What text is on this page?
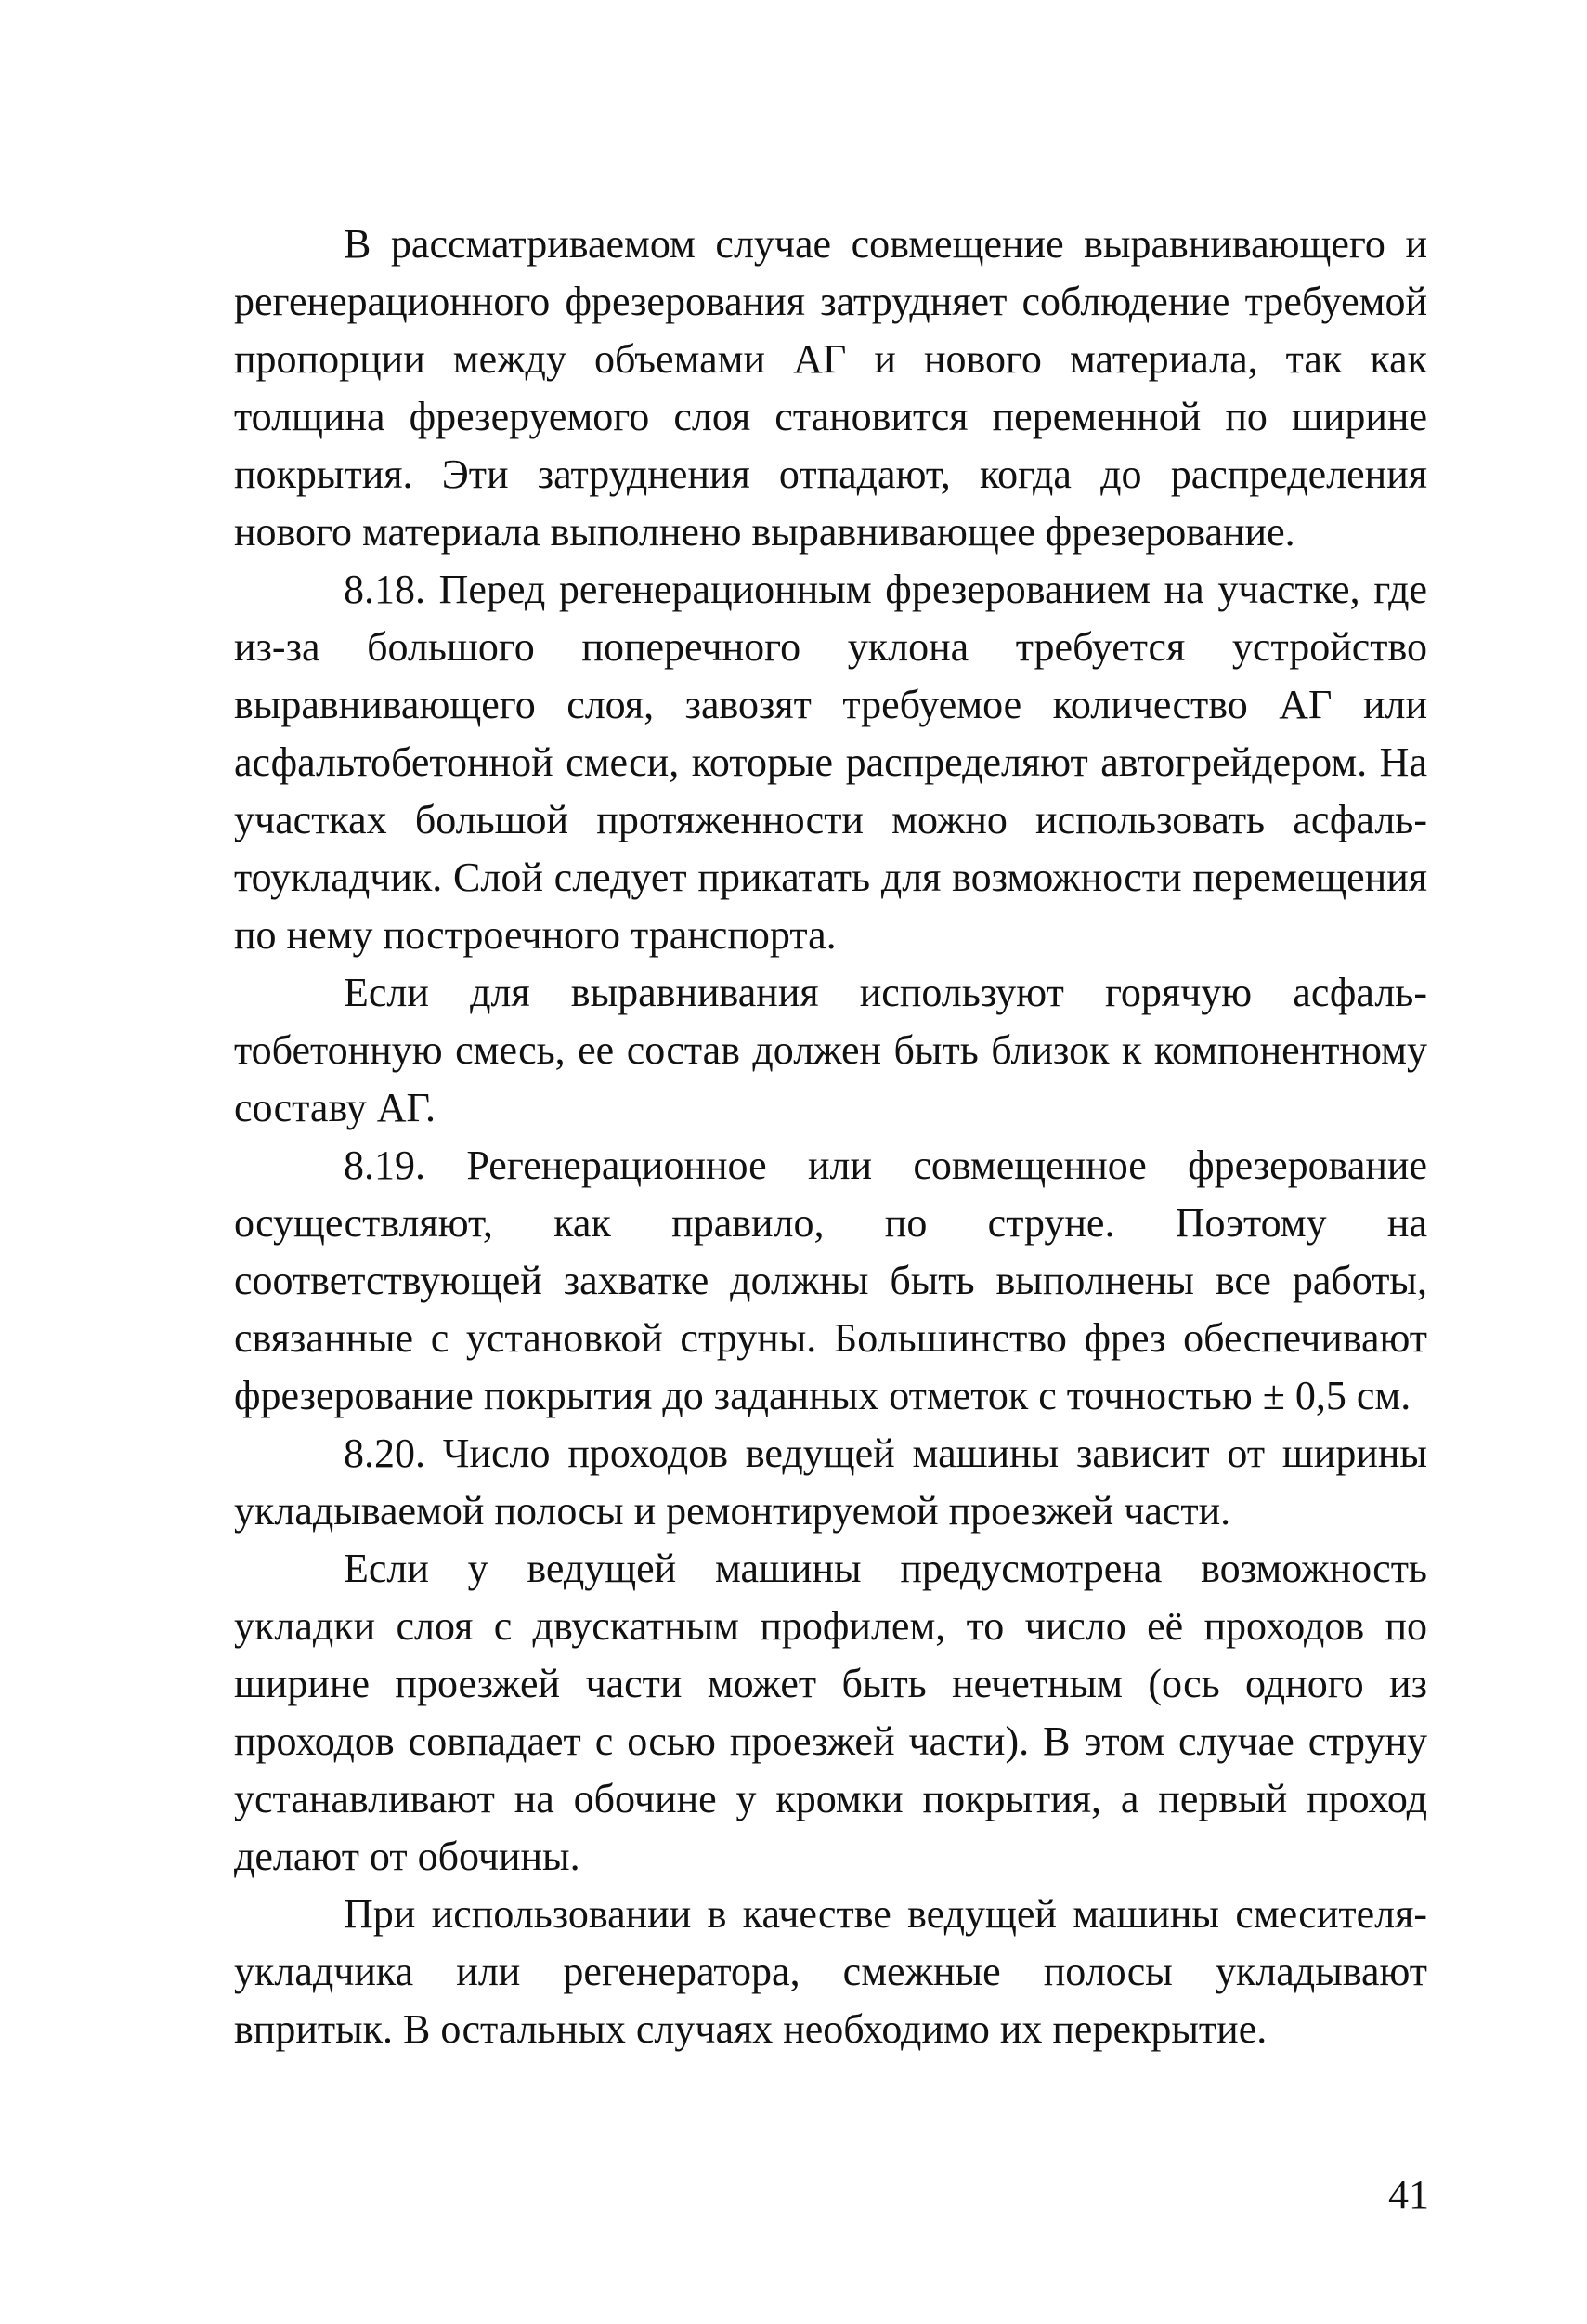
В рассматриваемом случае совмещение выравнивающего и регенерационного фрезерования затрудняет соблюдение требуемой пропорции между объемами АГ и нового материала, так как толщина фрезеруемого слоя становится переменной по ширине покрытия. Эти затруднения отпадают, когда до распределения нового материала выполнено выравнивающее фрезерование.

8.18. Перед регенерационным фрезерованием на участке, где из-за большого поперечного уклона требуется устройство выравнивающего слоя, завозят требуемое количество АГ или асфальтобетонной смеси, которые распределяют автогрейдером. На участках большой протяженности можно использовать асфальтоукладчик. Слой следует прикатать для возможности перемещения по нему построечного транспорта.

Если для выравнивания используют горячую асфальтобетонную смесь, ее состав должен быть близок к компонентному составу АГ.

8.19. Регенерационное или совмещенное фрезерование осуществляют, как правило, по струне. Поэтому на соответствующей захватке должны быть выполнены все работы, связанные с установкой струны. Большинство фрез обеспечивают фрезерование покрытия до заданных отметок с точностью ± 0,5 см.

8.20. Число проходов ведущей машины зависит от ширины укладываемой полосы и ремонтируемой проезжей части.

Если у ведущей машины предусмотрена возможность укладки слоя с двускатным профилем, то число её проходов по ширине проезжей части может быть нечетным (ось одного из проходов совпадает с осью проезжей части). В этом случае струну устанавливают на обочине у кромки покрытия, а первый проход делают от обочины.

При использовании в качестве ведущей машины смесителя-укладчика или регенератора, смежные полосы укладывают впритык. В остальных случаях необходимо их перекрытие.

41
